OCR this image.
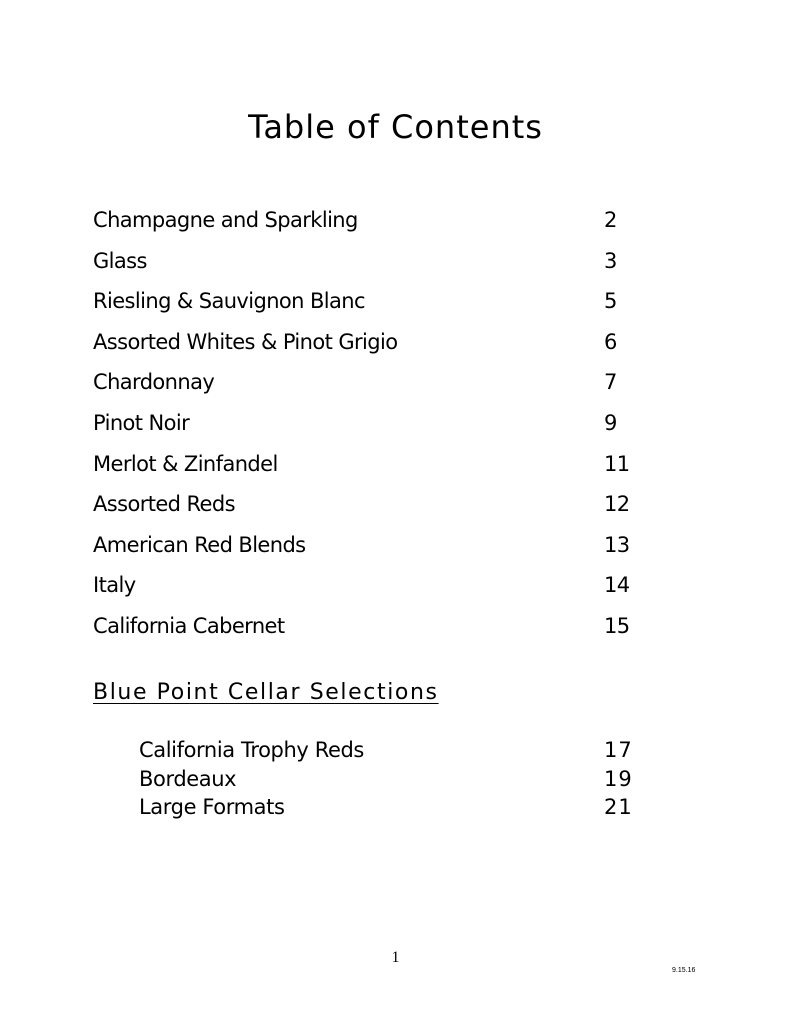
Table of Contents
Champagne and Sparkling	2
Glass	3
Riesling & Sauvignon Blanc	5
Assorted Whites & Pinot Grigio	6
Chardonnay	7
Pinot Noir	9
Merlot & Zinfandel	11
Assorted Reds	12
American Red Blends	13
Italy	14
California Cabernet	15
Blue Point Cellar Selections
California Trophy Reds	17
Bordeaux	19
Large Formats	21
1
9.15.16
